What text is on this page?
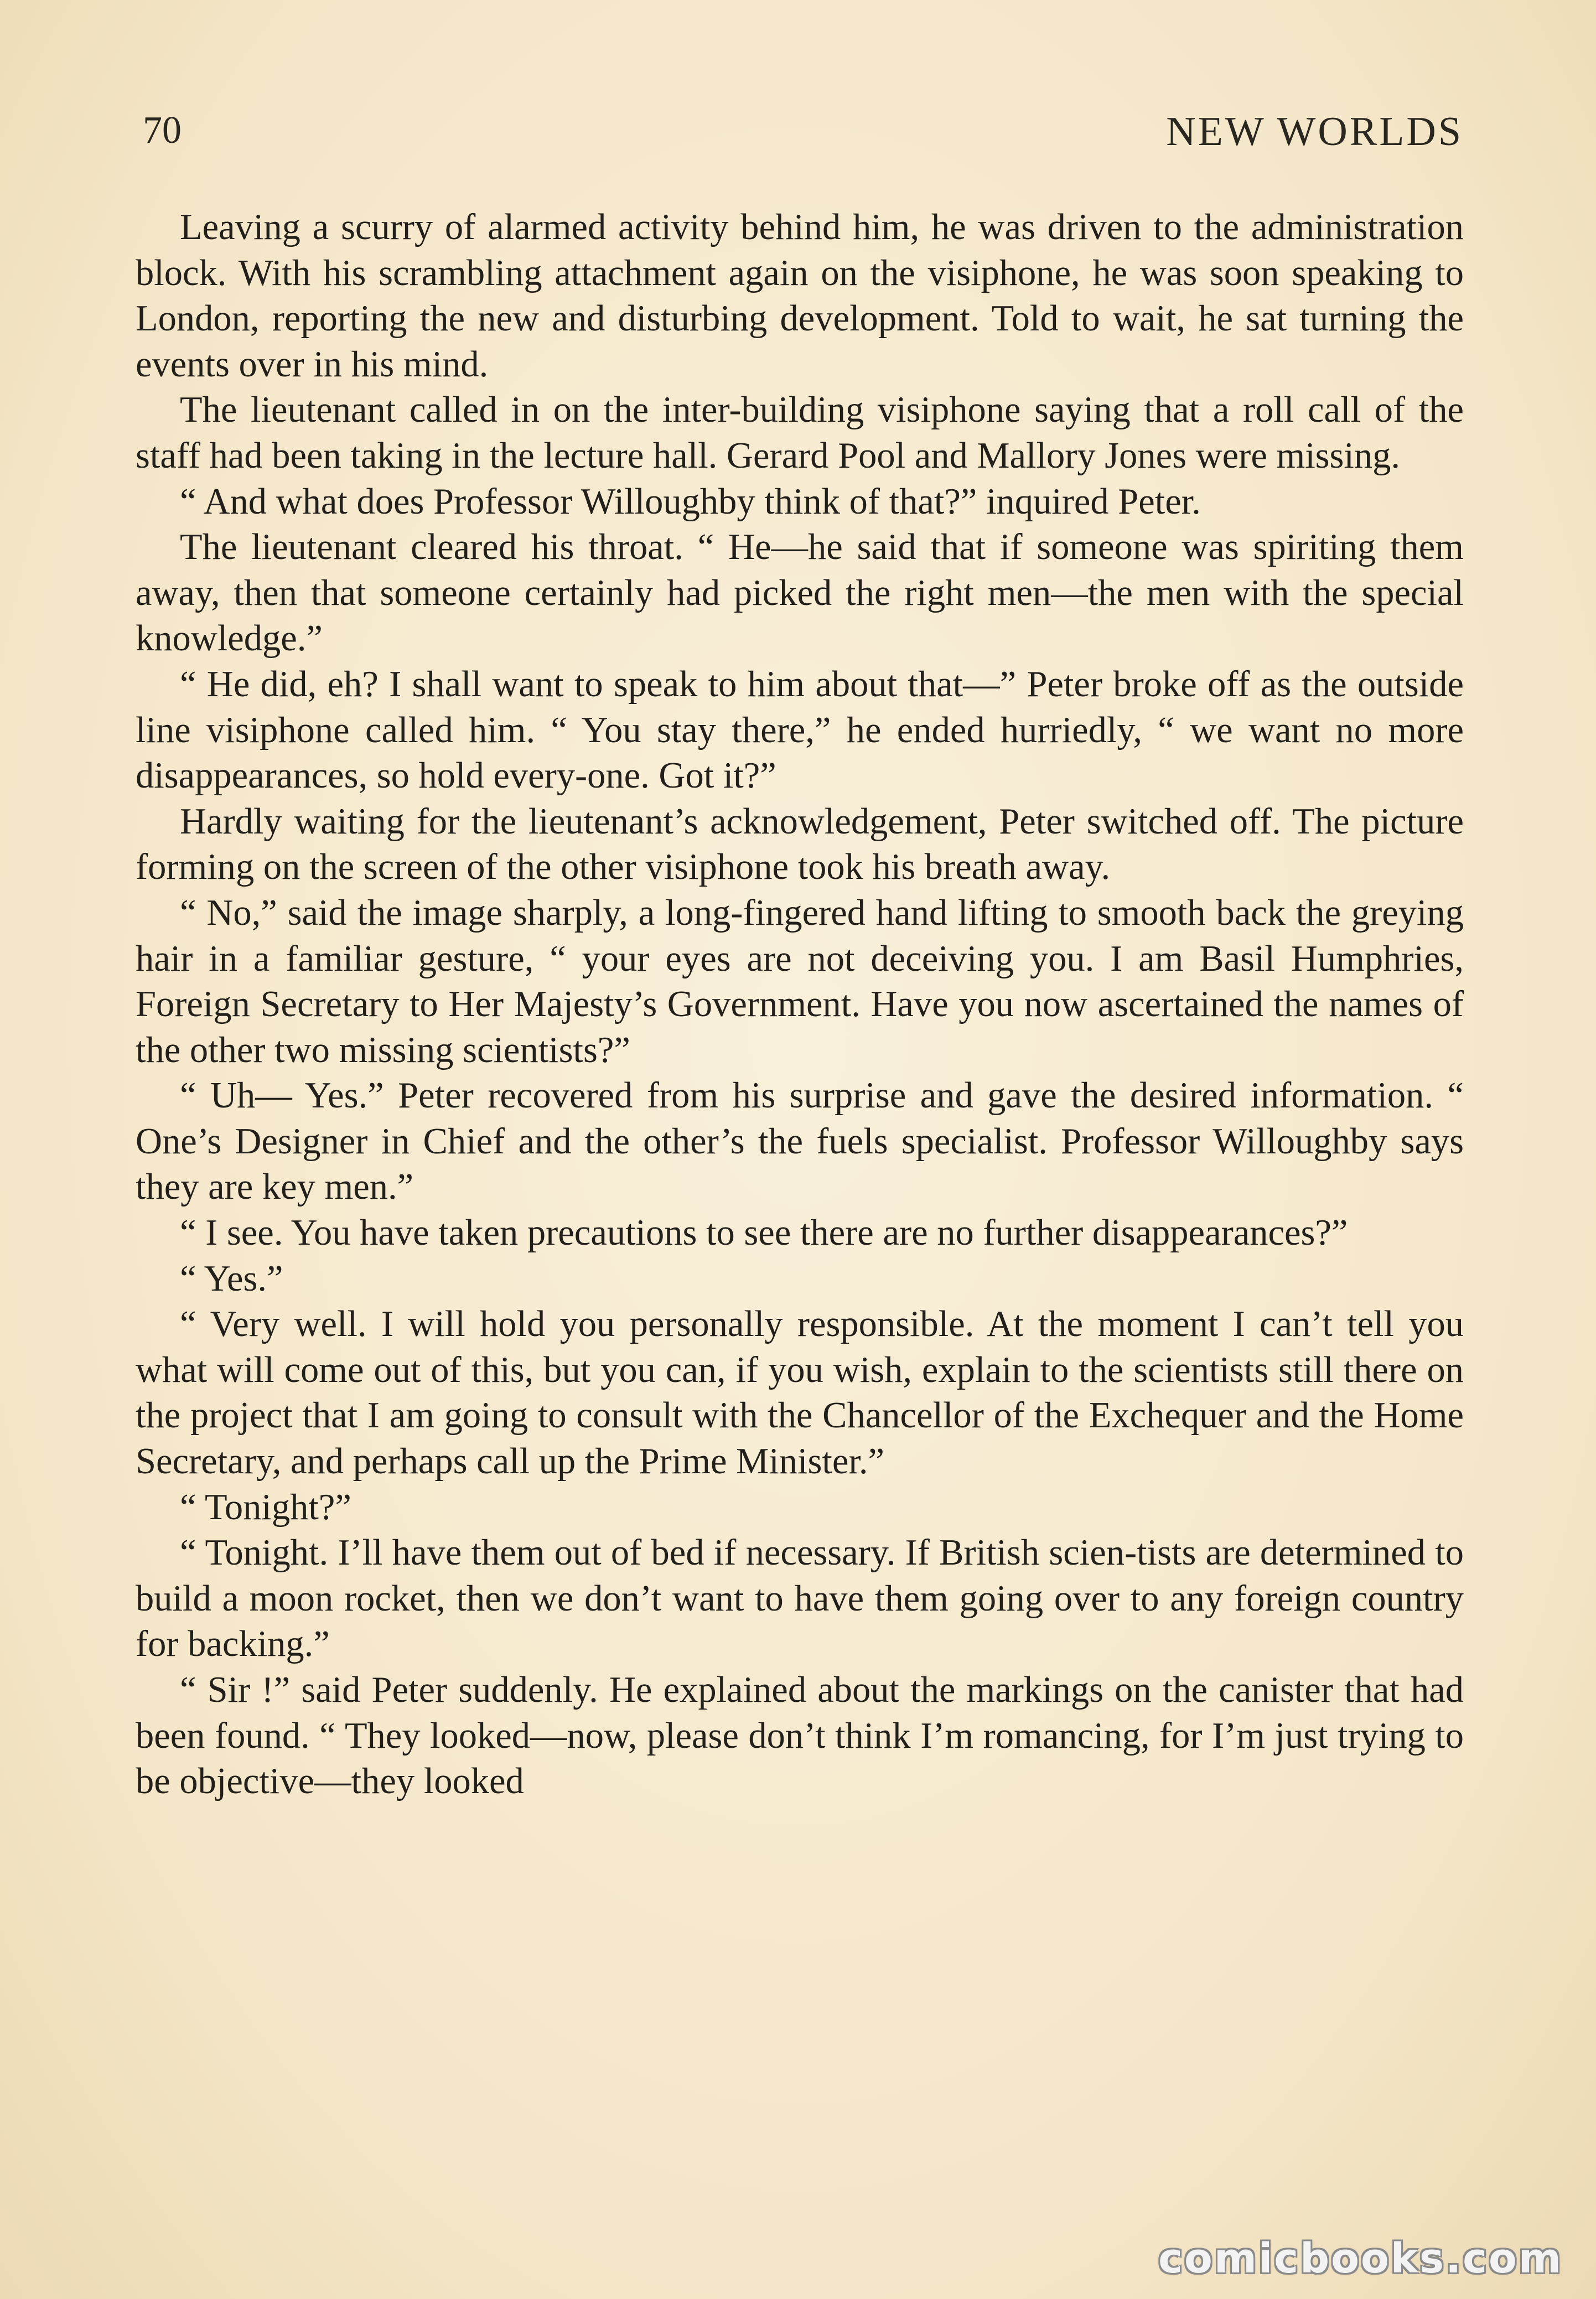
70	NEW WORLDS

Leaving a scurry of alarmed activity behind him, he was driven to the administration block. With his scrambling attachment again on the visiphone, he was soon speaking to London, reporting the new and disturbing development. Told to wait, he sat turning the events over in his mind.

The lieutenant called in on the inter-building visiphone saying that a roll call of the staff had been taking in the lecture hall. Gerard Pool and Mallory Jones were missing.

“ And what does Professor Willoughby think of that?” inquired Peter.

The lieutenant cleared his throat. “ He—he said that if someone was spiriting them away, then that someone certainly had picked the right men—the men with the special knowledge.”

“ He did, eh? I shall want to speak to him about that—” Peter broke off as the outside line visiphone called him. “ You stay there,” he ended hurriedly, “ we want no more disappearances, so hold every-one. Got it?”

Hardly waiting for the lieutenant’s acknowledgement, Peter switched off. The picture forming on the screen of the other visiphone took his breath away.

“ No,” said the image sharply, a long-fingered hand lifting to smooth back the greying hair in a familiar gesture, “ your eyes are not deceiving you. I am Basil Humphries, Foreign Secretary to Her Majesty’s Government. Have you now ascertained the names of the other two missing scientists?”

“ Uh— Yes.” Peter recovered from his surprise and gave the desired information. “ One’s Designer in Chief and the other’s the fuels specialist. Professor Willoughby says they are key men.”

“ I see. You have taken precautions to see there are no further disappearances?”

“ Yes.”

“ Very well. I will hold you personally responsible. At the moment I can’t tell you what will come out of this, but you can, if you wish, explain to the scientists still there on the project that I am going to consult with the Chancellor of the Exchequer and the Home Secretary, and perhaps call up the Prime Minister.”

“ Tonight?”

“ Tonight. I’ll have them out of bed if necessary. If British scien-tists are determined to build a moon rocket, then we don’t want to have them going over to any foreign country for backing.”

“ Sir !” said Peter suddenly. He explained about the markings on the canister that had been found. “ They looked—now, please don’t think I’m romancing, for I’m just trying to be objective—they looked

comicbooks.com
